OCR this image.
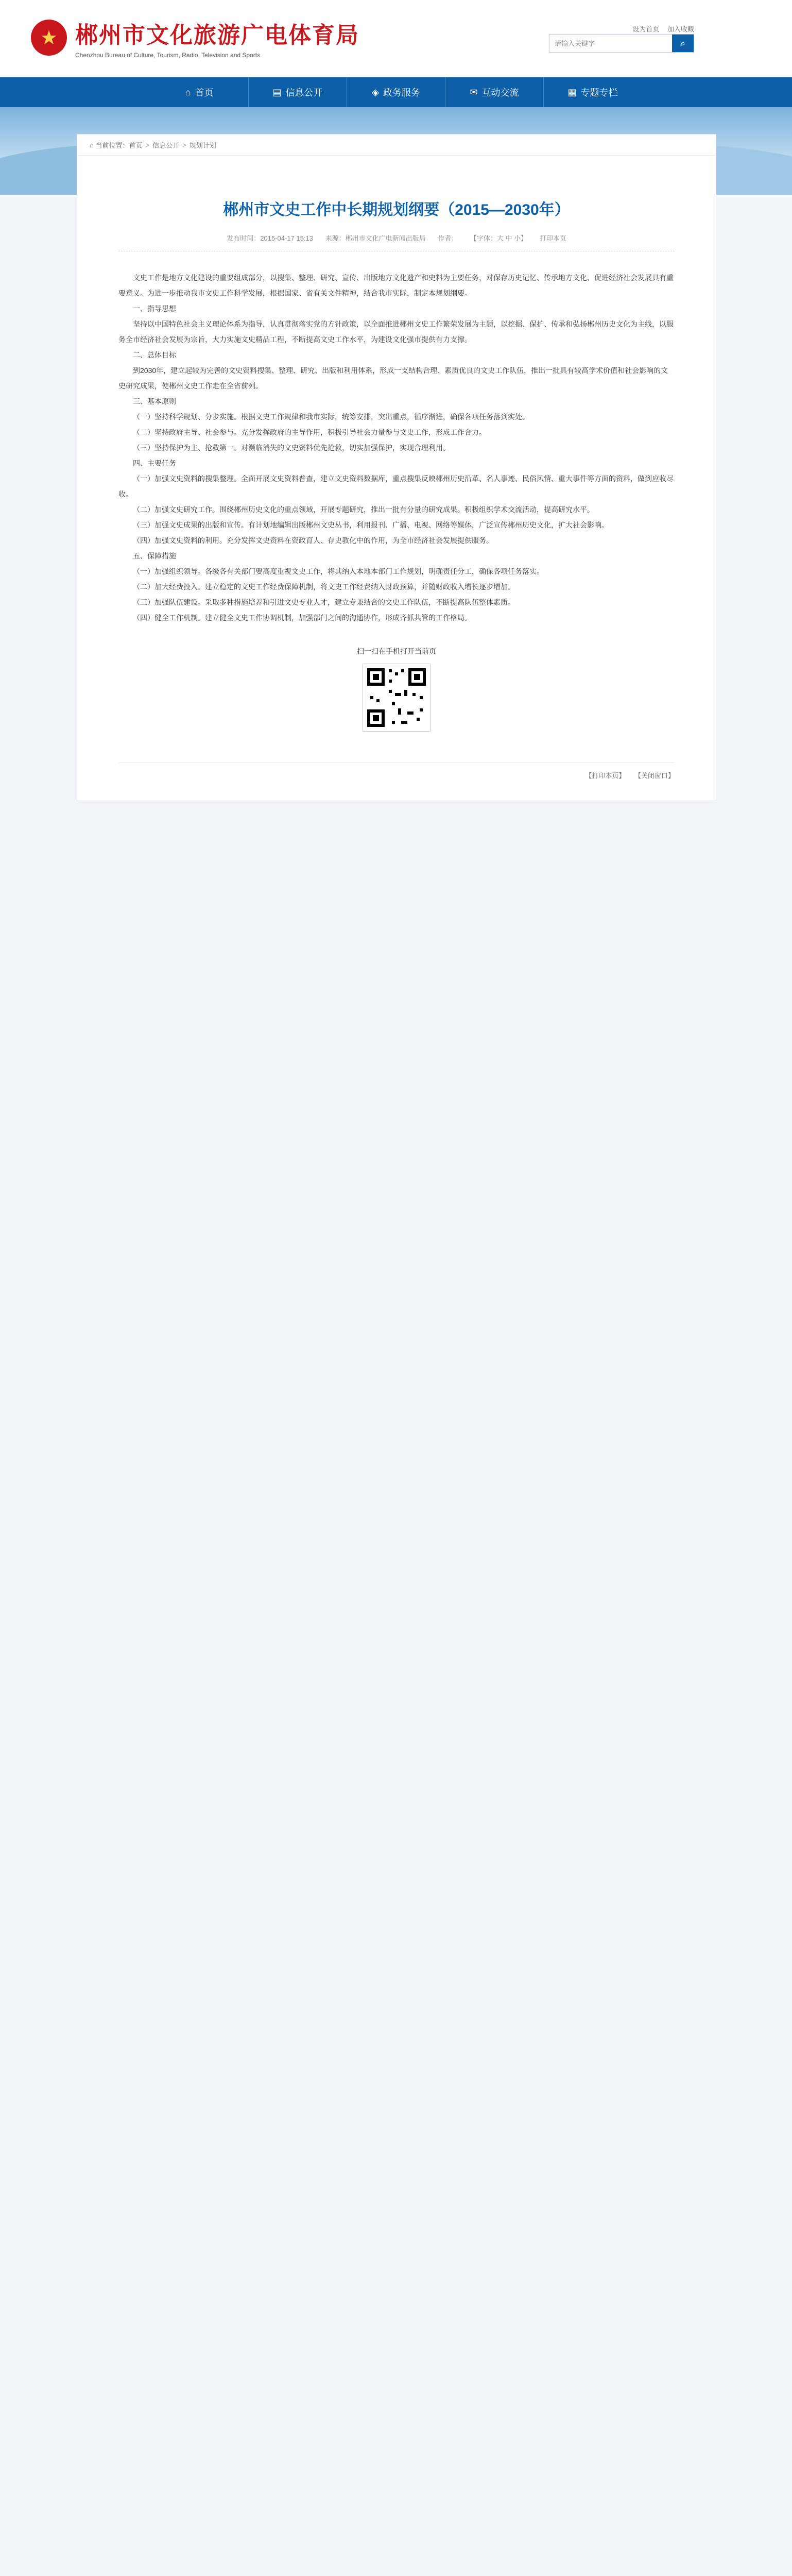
★ 郴州市文化旅游广电体育局
Chenzhou Bureau of Culture, Tourism, Radio, Television and Sports
设为首页 加入收藏
请输入关键字
⌕
⌂ 首页	▤ 信息公开	◈ 政务服务	✉ 互动交流	▦ 专题专栏
⌂ 当前位置： 首页 > 信息公开 > 规划计划
郴州市文史工作中长期规划纲要（2015—2030年）
发布时间：2015-04-17 15:13 来源：郴州市文化广电新闻出版局 作者： 【字体：大 中 小】 打印本页

文史工作是地方文化建设的重要组成部分，以搜集、整理、研究、宣传、出版地方文化遗产和史料为主要任务，对保存历史记忆、传承地方文化、促进经济社会发展具有重要意义。为进一步推动我市文史工作科学发展，根据国家、省有关文件精神，结合我市实际，制定本规划纲要。

一、指导思想

坚持以中国特色社会主义理论体系为指导，认真贯彻落实党的方针政策，以全面推进郴州文史工作繁荣发展为主题，以挖掘、保护、传承和弘扬郴州历史文化为主线，以服务全市经济社会发展为宗旨，大力实施文史精品工程，不断提高文史工作水平，为建设文化强市提供有力支撑。

二、总体目标

到2030年，建立起较为完善的文史资料搜集、整理、研究、出版和利用体系，形成一支结构合理、素质优良的文史工作队伍，推出一批具有较高学术价值和社会影响的文史研究成果，使郴州文史工作走在全省前列。

三、基本原则

（一）坚持科学规划、分步实施。根据文史工作规律和我市实际，统筹安排，突出重点，循序渐进，确保各项任务落到实处。

（二）坚持政府主导、社会参与。充分发挥政府的主导作用，积极引导社会力量参与文史工作，形成工作合力。

（三）坚持保护为主、抢救第一。对濒临消失的文史资料优先抢救，切实加强保护，实现合理利用。

四、主要任务

（一）加强文史资料的搜集整理。全面开展文史资料普查，建立文史资料数据库，重点搜集反映郴州历史沿革、名人事迹、民俗风情、重大事件等方面的资料，做到应收尽收。

（二）加强文史研究工作。围绕郴州历史文化的重点领域，开展专题研究，推出一批有分量的研究成果。积极组织学术交流活动，提高研究水平。

（三）加强文史成果的出版和宣传。有计划地编辑出版郴州文史丛书，利用报刊、广播、电视、网络等媒体，广泛宣传郴州历史文化，扩大社会影响。

（四）加强文史资料的利用。充分发挥文史资料在资政育人、存史教化中的作用，为全市经济社会发展提供服务。

五、保障措施

（一）加强组织领导。各级各有关部门要高度重视文史工作，将其纳入本地本部门工作规划，明确责任分工，确保各项任务落实。

（二）加大经费投入。建立稳定的文史工作经费保障机制，将文史工作经费纳入财政预算，并随财政收入增长逐步增加。

（三）加强队伍建设。采取多种措施培养和引进文史专业人才，建立专兼结合的文史工作队伍，不断提高队伍整体素质。

（四）健全工作机制。建立健全文史工作协调机制，加强部门之间的沟通协作，形成齐抓共管的工作格局。

扫一扫在手机打开当前页
【打印本页】 【关闭窗口】
